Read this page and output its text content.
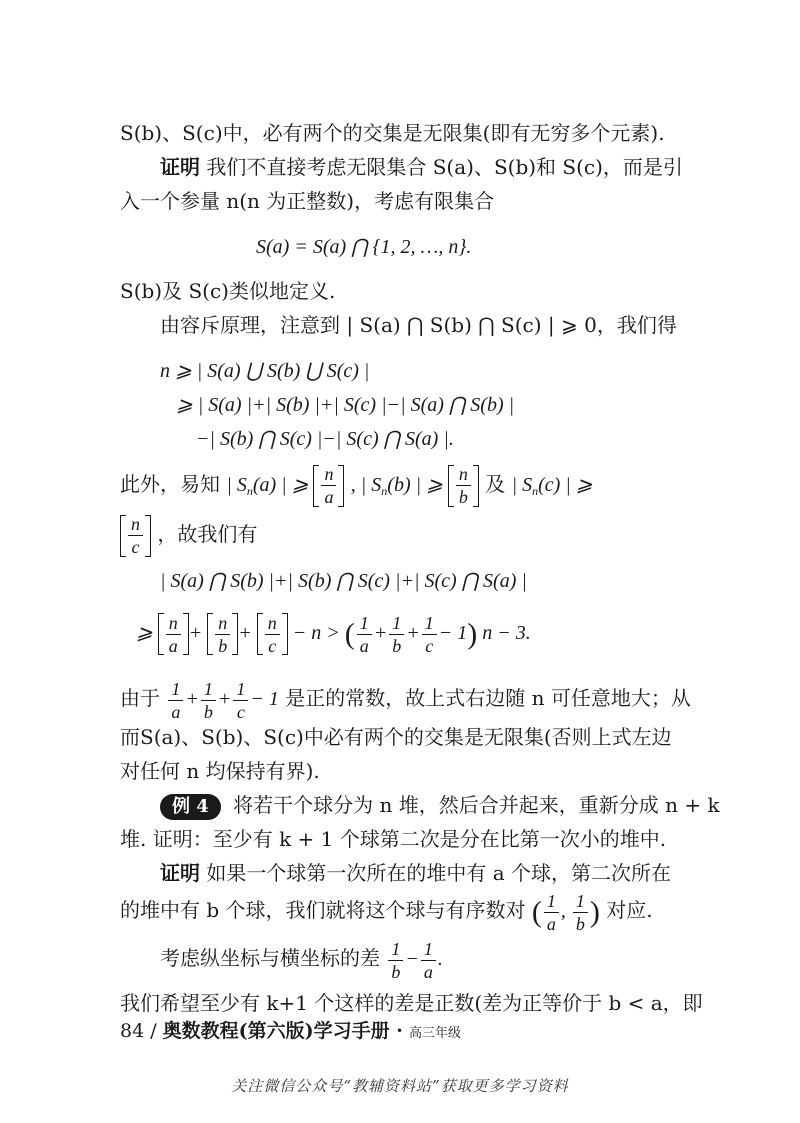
S(b)、S(c)中，必有两个的交集是无限集(即有无穷多个元素).
证明 我们不直接考虑无限集合 S(a)、S(b)和 S(c)，而是引
入一个参量 n(n 为正整数)，考虑有限集合
S(a) = S(a) ⋂ {1, 2, …, n}.
S(b)及 S(c)类似地定义.
由容斥原理，注意到 | S(a) ⋂ S(b) ⋂ S(c) | ⩾ 0，我们得
n ⩾ | S(a) ⋃ S(b) ⋃ S(c) |
⩾ | S(a) |+| S(b) |+| S(c) |−| S(a) ⋂ S(b) |
−| S(b) ⋂ S(c) |−| S(c) ⋂ S(a) |.
此外，易知 | $S_n(a)$ | ⩾ $\frac{n}{a}$ , | $S_n(b)$ | ⩾ $\frac{n}{b}$ 及 | $S_n(c)$ | ⩾
$\frac{n}{c}$ ，故我们有
| S(a) ⋂ S(b) |+| S(b) ⋂ S(c) |+| S(c) ⋂ S(a) |
⩾ $\frac{n}{a} + \frac{n}{b} + \frac{n}{c} - n$ > ( $\frac{1}{a} + \frac{1}{b} + \frac{1}{c} - 1$) n − 3.
由于 $\frac{1}{a} + \frac{1}{b} + \frac{1}{c} - 1$ 是正的常数，故上式右边随 n 可任意地大；从
而S(a)、S(b)、S(c)中必有两个的交集是无限集(否则上式左边
对任何 n 均保持有界).
例 4 将若干个球分为 n 堆，然后合并起来，重新分成 n + k
堆. 证明：至少有 k + 1 个球第二次是分在比第一次小的堆中.
证明 如果一个球第一次所在的堆中有 a 个球，第二次所在
的堆中有 b 个球，我们就将这个球与有序数对 ( $\frac{1}{a}$ , $\frac{1}{b}$ ) 对应.
考虑纵坐标与横坐标的差 $\frac{1}{b} - \frac{1}{a}$ .
我们希望至少有 k+1 个这样的差是正数(差为正等价于 b < a，即
84 / 奥数教程(第六版)学习手册 · 高三年级
关注微信公众号“教辅资料站”获取更多学习资料
